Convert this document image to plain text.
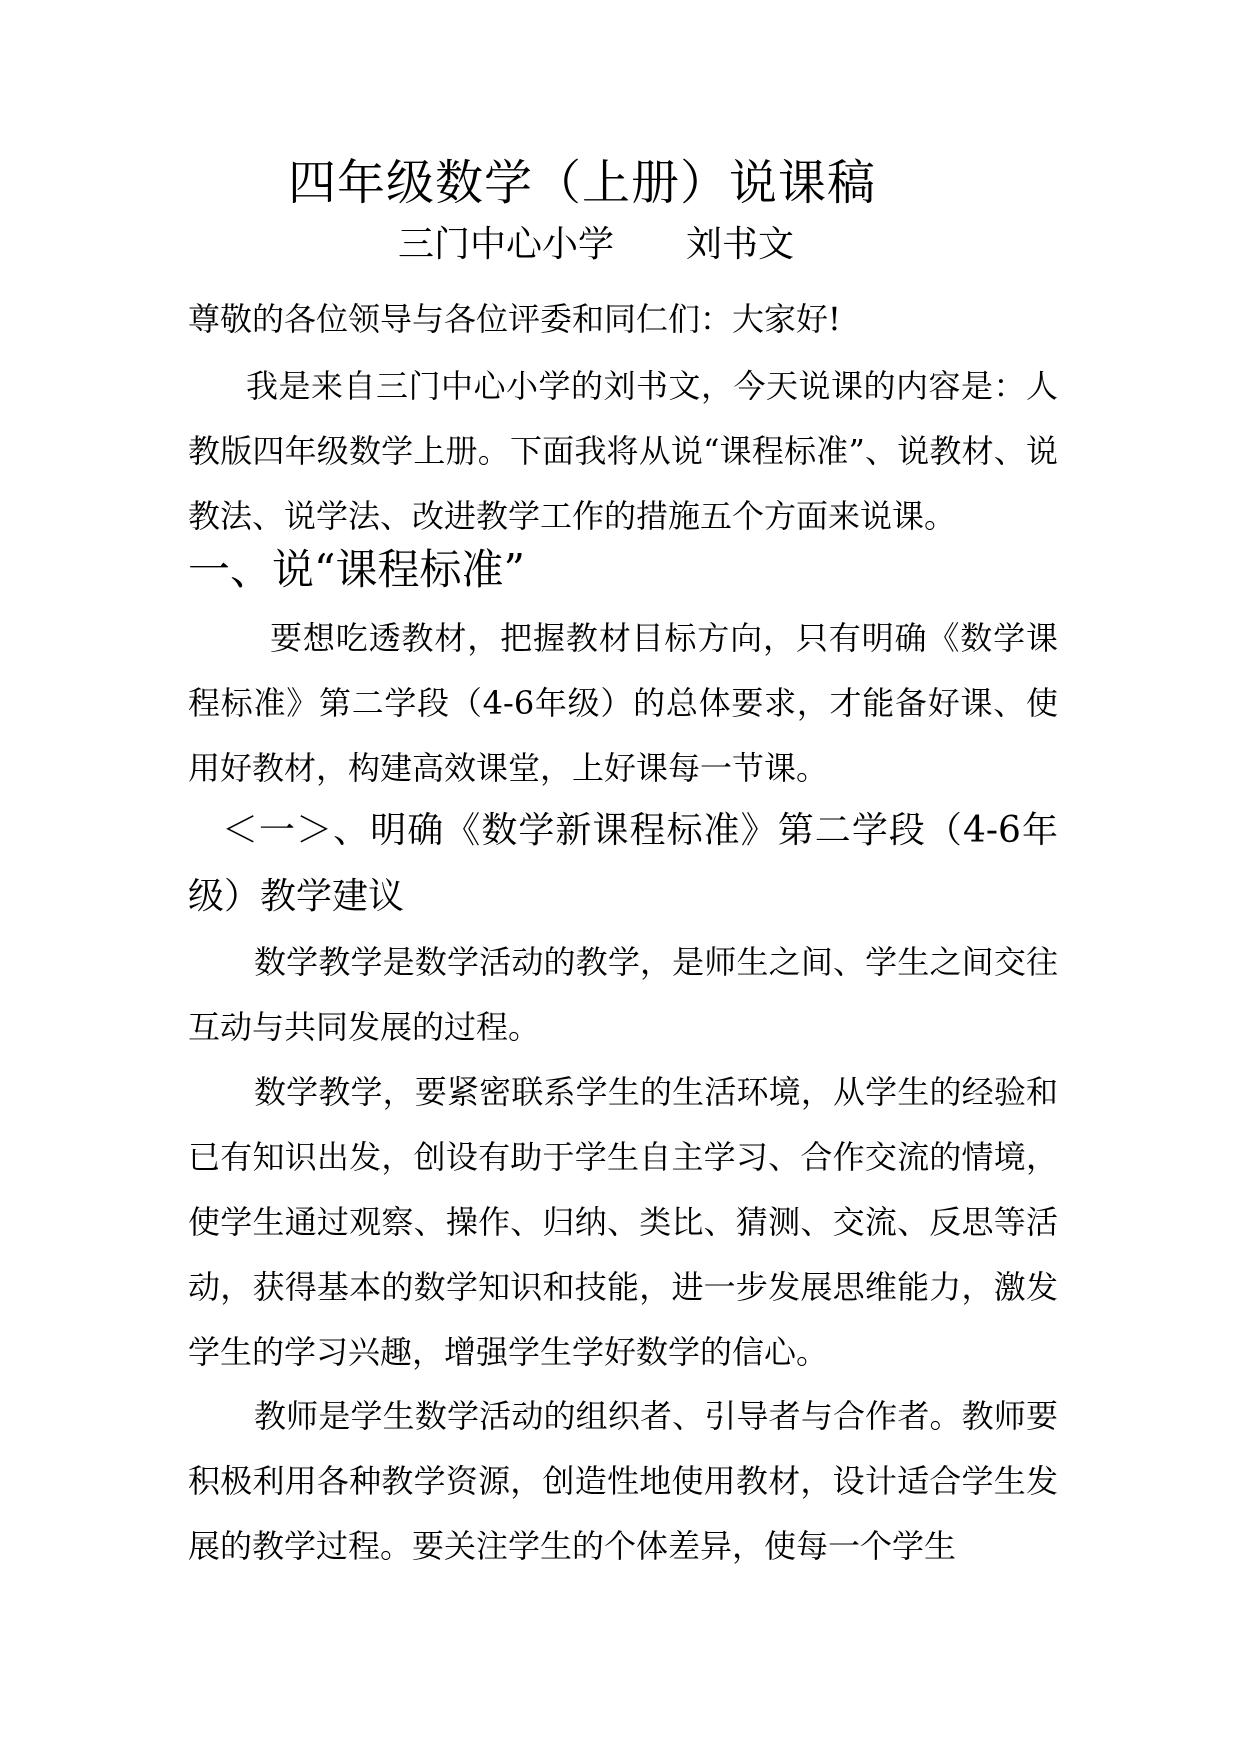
四年级数学（上册）说课稿
三门中心小学　　刘书文
尊敬的各位领导与各位评委和同仁们：大家好!
我是来自三门中心小学的刘书文，今天说课的内容是：人教版四年级数学上册。下面我将从说“课程标准”、说教材、说教法、说学法、改进教学工作的措施五个方面来说课。
一、说“课程标准”
要想吃透教材，把握教材目标方向，只有明确《数学课程标准》第二学段（4-6年级）的总体要求，才能备好课、使用好教材，构建高效课堂，上好课每一节课。
＜一＞、明确《数学新课程标准》第二学段（4-6年级）教学建议
数学教学是数学活动的教学，是师生之间、学生之间交往互动与共同发展的过程。
数学教学，要紧密联系学生的生活环境，从学生的经验和已有知识出发，创设有助于学生自主学习、合作交流的情境，使学生通过观察、操作、归纳、类比、猜测、交流、反思等活动，获得基本的数学知识和技能，进一步发展思维能力，激发学生的学习兴趣，增强学生学好数学的信心。
教师是学生数学活动的组织者、引导者与合作者。教师要积极利用各种教学资源，创造性地使用教材，设计适合学生发展的教学过程。要关注学生的个体差异，使每一个学生
